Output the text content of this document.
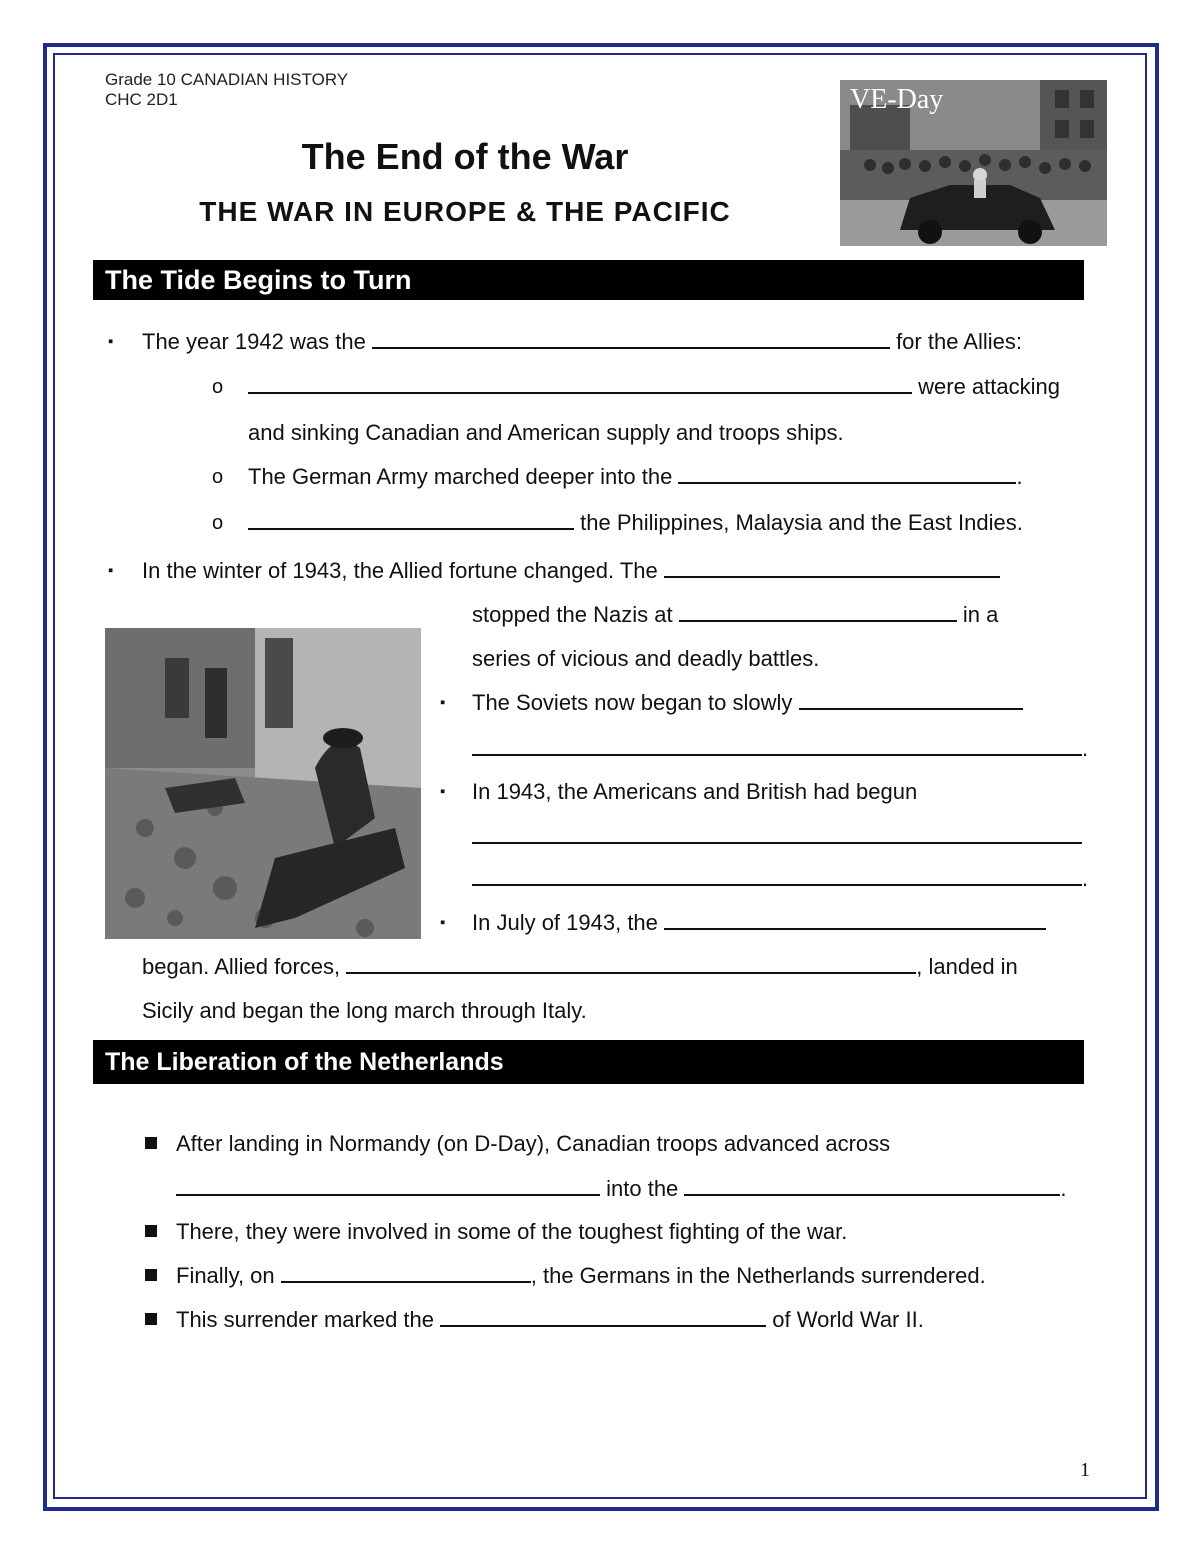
Grade 10 CANADIAN HISTORY
CHC 2D1
The End of the War
THE WAR IN EUROPE & THE PACIFIC
VE-Day
The Tide Begins to Turn
▪ The year 1942 was the	for the Allies:
o	were attacking
and sinking Canadian and American supply and troops ships.
o The German Army marched deeper into the	.
o	the Philippines, Malaysia and the East Indies.
▪ In the winter of 1943, the Allied fortune changed. The
stopped the Nazis at	in a
series of vicious and deadly battles.
▪ The Soviets now began to slowly
.
▪ In 1943, the Americans and British had begun
.
▪ In July of 1943, the
began. Allied forces,	, landed in
Sicily and began the long march through Italy.
The Liberation of the Netherlands
After landing in Normandy (on D-Day), Canadian troops advanced across
into the	.
There, they were involved in some of the toughest fighting of the war.
Finally, on	, the Germans in the Netherlands surrendered.
This surrender marked the	of World War II.
1
